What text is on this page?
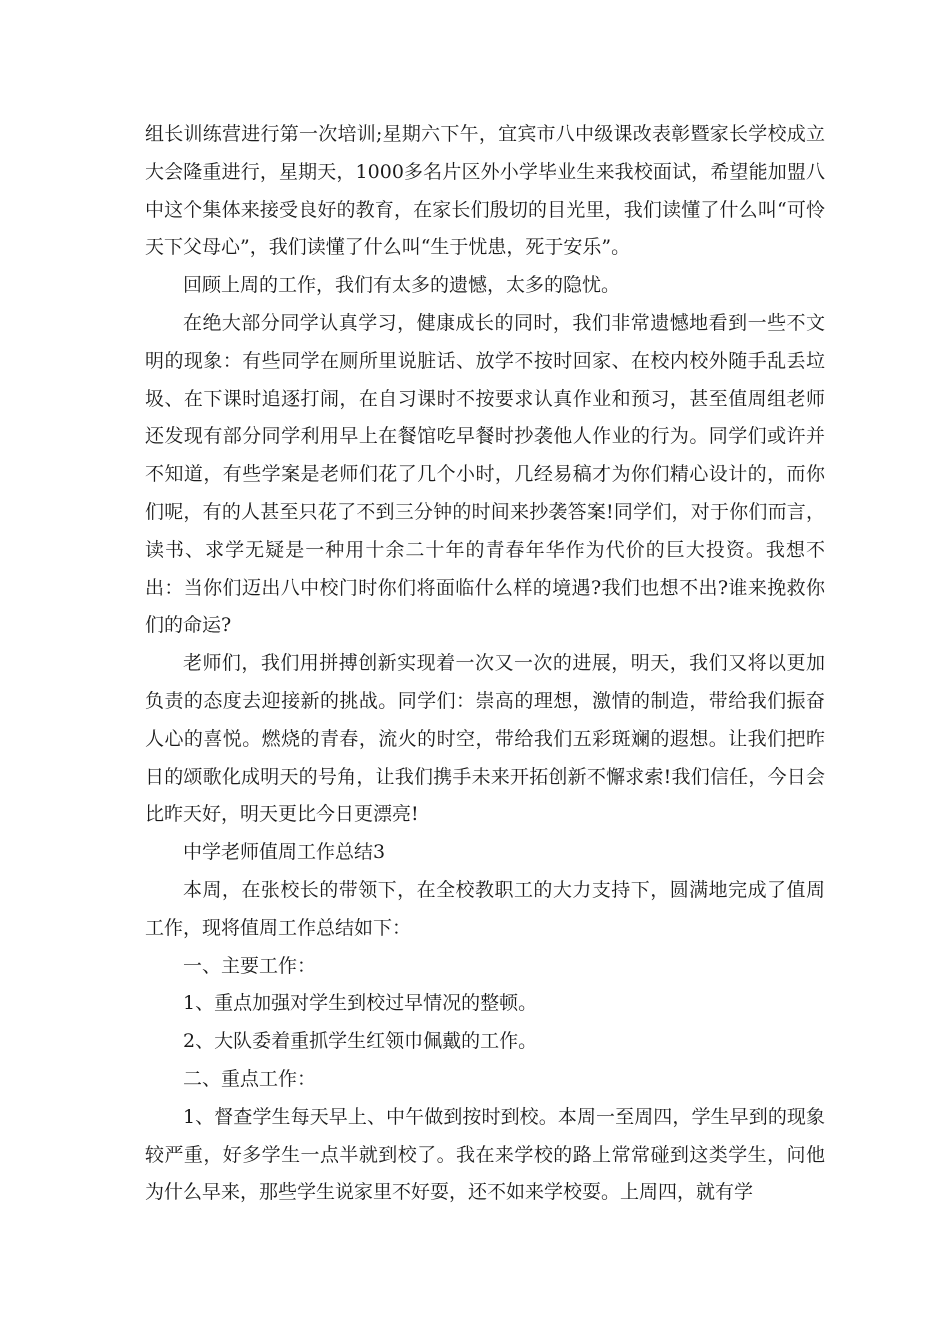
组长训练营进行第一次培训;星期六下午，宜宾市八中级课改表彰暨家长学校成立大会隆重进行，星期天，1000多名片区外小学毕业生来我校面试，希望能加盟八中这个集体来接受良好的教育，在家长们殷切的目光里，我们读懂了什么叫“可怜天下父母心”，我们读懂了什么叫“生于忧患，死于安乐”。

回顾上周的工作，我们有太多的遗憾，太多的隐忧。

在绝大部分同学认真学习，健康成长的同时，我们非常遗憾地看到一些不文明的现象：有些同学在厕所里说脏话、放学不按时回家、在校内校外随手乱丢垃圾、在下课时追逐打闹，在自习课时不按要求认真作业和预习，甚至值周组老师还发现有部分同学利用早上在餐馆吃早餐时抄袭他人作业的行为。同学们或许并不知道，有些学案是老师们花了几个小时，几经易稿才为你们精心设计的，而你们呢，有的人甚至只花了不到三分钟的时间来抄袭答案!同学们，对于你们而言，读书、求学无疑是一种用十余二十年的青春年华作为代价的巨大投资。我想不出：当你们迈出八中校门时你们将面临什么样的境遇?我们也想不出?谁来挽救你们的命运?

老师们，我们用拼搏创新实现着一次又一次的进展，明天，我们又将以更加负责的态度去迎接新的挑战。同学们：崇高的理想，激情的制造，带给我们振奋人心的喜悦。燃烧的青春，流火的时空，带给我们五彩斑斓的遐想。让我们把昨日的颂歌化成明天的号角，让我们携手未来开拓创新不懈求索!我们信任，今日会比昨天好，明天更比今日更漂亮!

中学老师值周工作总结3

本周，在张校长的带领下，在全校教职工的大力支持下，圆满地完成了值周工作，现将值周工作总结如下：

一、主要工作：

1、重点加强对学生到校过早情况的整顿。

2、大队委着重抓学生红领巾佩戴的工作。

二、重点工作：

1、督查学生每天早上、中午做到按时到校。本周一至周四，学生早到的现象较严重，好多学生一点半就到校了。我在来学校的路上常常碰到这类学生，问他为什么早来，那些学生说家里不好耍，还不如来学校耍。上周四，就有学
